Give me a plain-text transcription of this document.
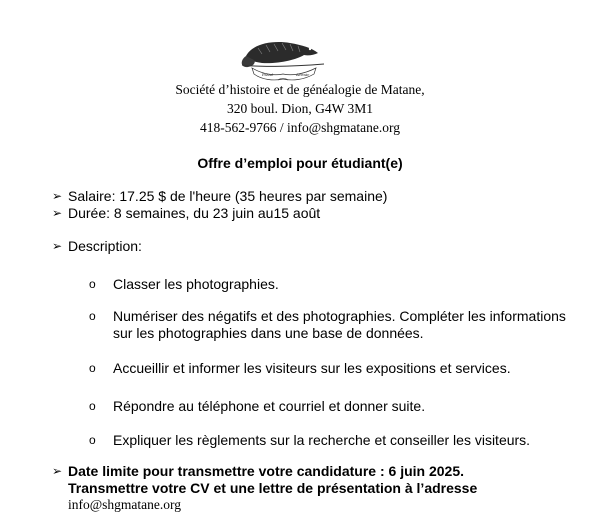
Passé	Avenir
Société d’histoire et de généalogie de Matane,
320 boul. Dion, G4W 3M1
418-562-9766 / info@shgmatane.org
Offre d’emploi pour étudiant(e)
➢ Salaire: 17.25 $ de l'heure (35 heures par semaine)
➢ Durée: 8 semaines, du 23 juin au15 août
➢ Description:
o Classer les photographies.
o Numériser des négatifs et des photographies. Compléter les informations sur les photographies dans une base de données.
o Accueillir et informer les visiteurs sur les expositions et services.
o Répondre au téléphone et courriel et donner suite.
o Expliquer les règlements sur la recherche et conseiller les visiteurs.
➢ Date limite pour transmettre votre candidature : 6 juin 2025.
Transmettre votre CV et une lettre de présentation à l’adresse
info@shgmatane.org
